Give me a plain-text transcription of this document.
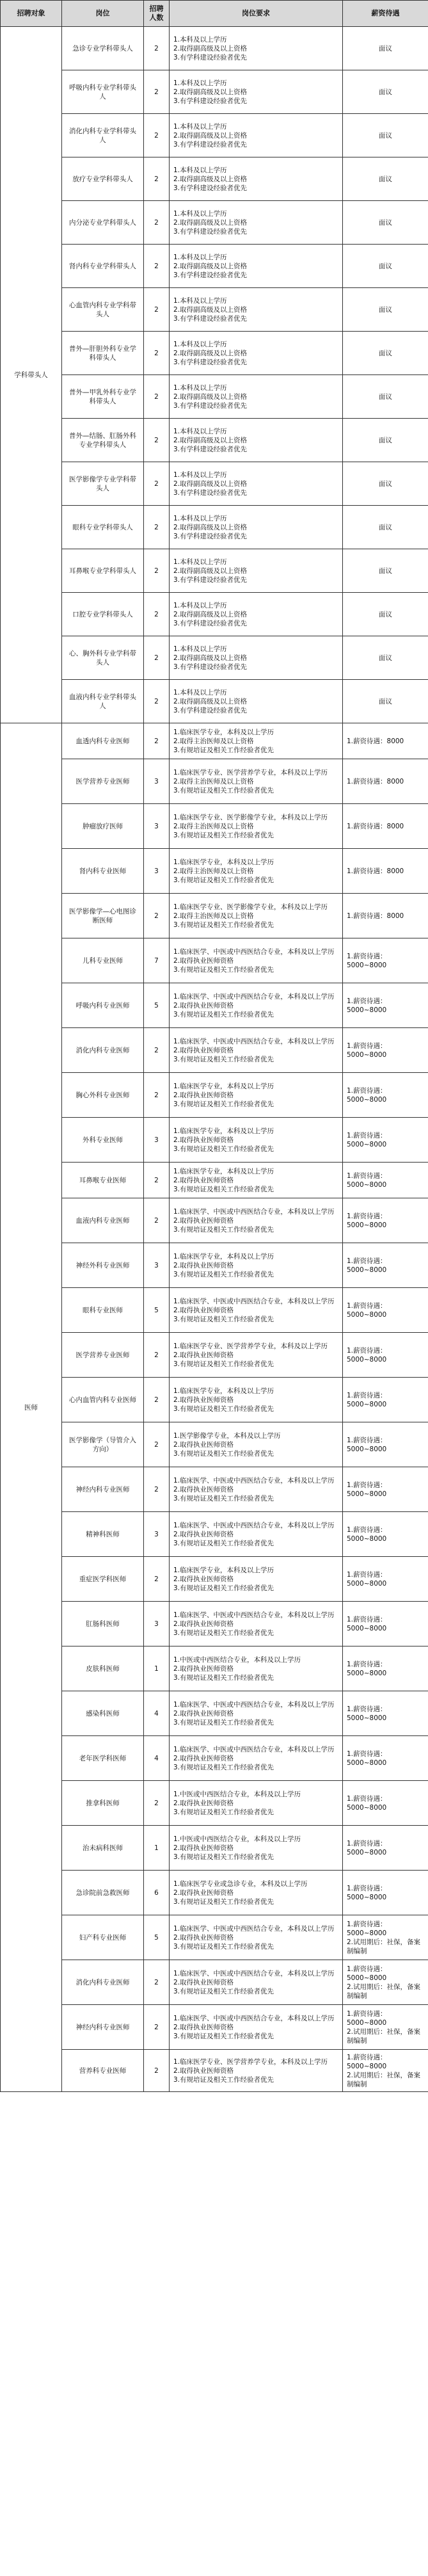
招聘对象	岗位	招聘人数	岗位要求	薪资待遇
学科带头人	急诊专业学科带头人	2	1.本科及以上学历
2.取得副高级及以上资格
3.有学科建设经验者优先	面议

	呼吸内科专业学科带头人	2	1.本科及以上学历
2.取得副高级及以上资格
3.有学科建设经验者优先	面议

	消化内科专业学科带头人	2	1.本科及以上学历
2.取得副高级及以上资格
3.有学科建设经验者优先	面议

	放疗专业学科带头人	2	1.本科及以上学历
2.取得副高级及以上资格
3.有学科建设经验者优先	面议

	内分泌专业学科带头人	2	1.本科及以上学历
2.取得副高级及以上资格
3.有学科建设经验者优先	面议

	肾内科专业学科带头人	2	1.本科及以上学历
2.取得副高级及以上资格
3.有学科建设经验者优先	面议

	心血管内科专业学科带头人	2	1.本科及以上学历
2.取得副高级及以上资格
3.有学科建设经验者优先	面议

	普外—肝胆外科专业学科带头人	2	1.本科及以上学历
2.取得副高级及以上资格
3.有学科建设经验者优先	面议

	普外—甲乳外科专业学科带头人	2	1.本科及以上学历
2.取得副高级及以上资格
3.有学科建设经验者优先	面议

	普外—结肠、肛肠外科专业学科带头人	2	1.本科及以上学历
2.取得副高级及以上资格
3.有学科建设经验者优先	面议

	医学影像学专业学科带头人	2	1.本科及以上学历
2.取得副高级及以上资格
3.有学科建设经验者优先	面议

	眼科专业学科带头人	2	1.本科及以上学历
2.取得副高级及以上资格
3.有学科建设经验者优先	面议

	耳鼻喉专业学科带头人	2	1.本科及以上学历
2.取得副高级及以上资格
3.有学科建设经验者优先	面议

	口腔专业学科带头人	2	1.本科及以上学历
2.取得副高级及以上资格
3.有学科建设经验者优先	面议

	心、胸外科专业学科带头人	2	1.本科及以上学历
2.取得副高级及以上资格
3.有学科建设经验者优先	面议

	血液内科专业学科带头人	2	1.本科及以上学历
2.取得副高级及以上资格
3.有学科建设经验者优先	面议

医师	血透内科专业医师	2	1.临床医学专业，本科及以上学历
2.取得主治医师及以上资格
3.有规培证及相关工作经验者优先	1.薪资待遇：8000

	医学营养专业医师	3	1.临床医学专业、医学营养学专业，本科及以上学历
2.取得主治医师及以上资格
3.有规培证及相关工作经验者优先	1.薪资待遇：8000

	肿瘤放疗医师	3	1.临床医学专业、医学影像学专业，本科及以上学历
2.取得主治医师及以上资格
3.有规培证及相关工作经验者优先	1.薪资待遇：8000

	肾内科专业医师	3	1.临床医学专业，本科及以上学历
2.取得主治医师及以上资格
3.有规培证及相关工作经验者优先	1.薪资待遇：8000

	医学影像学—心电图诊断医师	2	1.临床医学专业、医学影像学专业，本科及以上学历
2.取得主治医师及以上资格
3.有规培证及相关工作经验者优先	1.薪资待遇：8000

	儿科专业医师	7	1.临床医学、中医或中西医结合专业，本科及以上学历
2.取得执业医师资格
3.有规培证及相关工作经验者优先	1.薪资待遇：
5000~8000

	呼吸内科专业医师	5	1.临床医学、中医或中西医结合专业，本科及以上学历
2.取得执业医师资格
3.有规培证及相关工作经验者优先	1.薪资待遇：
5000~8000

	消化内科专业医师	2	1.临床医学、中医或中西医结合专业，本科及以上学历
2.取得执业医师资格
3.有规培证及相关工作经验者优先	1.薪资待遇：
5000~8000

	胸心外科专业医师	2	1.临床医学专业，本科及以上学历
2.取得执业医师资格
3.有规培证及相关工作经验者优先	1.薪资待遇：
5000~8000

	外科专业医师	3	1.临床医学专业，本科及以上学历
2.取得执业医师资格
3.有规培证及相关工作经验者优先	1.薪资待遇：
5000~8000

	耳鼻喉专业医师	2	1.临床医学专业，本科及以上学历
2.取得执业医师资格
3.有规培证及相关工作经验者优先	1.薪资待遇：
5000~8000

	血液内科专业医师	2	1.临床医学、中医或中西医结合专业，本科及以上学历
2.取得执业医师资格
3.有规培证及相关工作经验者优先	1.薪资待遇：
5000~8000

	神经外科专业医师	3	1.临床医学专业，本科及以上学历
2.取得执业医师资格
3.有规培证及相关工作经验者优先	1.薪资待遇：
5000~8000

	眼科专业医师	5	1.临床医学、中医或中西医结合专业，本科及以上学历
2.取得执业医师资格
3.有规培证及相关工作经验者优先	1.薪资待遇：
5000~8000

	医学营养专业医师	2	1.临床医学专业、医学营养学专业，本科及以上学历
2.取得执业医师资格
3.有规培证及相关工作经验者优先	1.薪资待遇：
5000~8000

	心内血管内科专业医师	2	1.临床医学专业，本科及以上学历
2.取得执业医师资格
3.有规培证及相关工作经验者优先	1.薪资待遇：
5000~8000

	医学影像学（导管介入方向）	2	1.医学影像学专业，本科及以上学历
2.取得执业医师资格
3.有规培证及相关工作经验者优先	1.薪资待遇：
5000~8000

	神经内科专业医师	2	1.临床医学、中医或中西医结合专业，本科及以上学历
2.取得执业医师资格
3.有规培证及相关工作经验者优先	1.薪资待遇：
5000~8000

	精神科医师	3	1.临床医学、中医或中西医结合专业，本科及以上学历
2.取得执业医师资格
3.有规培证及相关工作经验者优先	1.薪资待遇：
5000~8000

	重症医学科医师	2	1.临床医学专业，本科及以上学历
2.取得执业医师资格
3.有规培证及相关工作经验者优先	1.薪资待遇：
5000~8000

	肛肠科医师	3	1.临床医学、中医或中西医结合专业，本科及以上学历
2.取得执业医师资格
3.有规培证及相关工作经验者优先	1.薪资待遇：
5000~8000

	皮肤科医师	1	1.中医或中西医结合专业，本科及以上学历
2.取得执业医师资格
3.有规培证及相关工作经验者优先	1.薪资待遇：
5000~8000

	感染科医师	4	1.临床医学、中医或中西医结合专业，本科及以上学历
2.取得执业医师资格
3.有规培证及相关工作经验者优先	1.薪资待遇：
5000~8000

	老年医学科医师	4	1.临床医学、中医或中西医结合专业，本科及以上学历
2.取得执业医师资格
3.有规培证及相关工作经验者优先	1.薪资待遇：
5000~8000

	推拿科医师	2	1.中医或中西医结合专业，本科及以上学历
2.取得执业医师资格
3.有规培证及相关工作经验者优先	1.薪资待遇：
5000~8000

	治未病科医师	1	1.中医或中西医结合专业，本科及以上学历
2.取得执业医师资格
3.有规培证及相关工作经验者优先	1.薪资待遇：
5000~8000

	急诊院前急救医师	6	1.临床医学专业或急诊专业，本科及以上学历
2.取得执业医师资格
3.有规培证及相关工作经验者优先	1.薪资待遇：
5000~8000

	妇产科专业医师	5	1.临床医学、中医或中西医结合专业，本科及以上学历
2.取得执业医师资格
3.有规培证及相关工作经验者优先	1.薪资待遇：
5000~8000
2.试用期后：社保，备案制编制

	消化内科专业医师	2	1.临床医学、中医或中西医结合专业，本科及以上学历
2.取得执业医师资格
3.有规培证及相关工作经验者优先	1.薪资待遇：
5000~8000
2.试用期后：社保，备案制编制

	神经内科专业医师	2	1.临床医学、中医或中西医结合专业，本科及以上学历
2.取得执业医师资格
3.有规培证及相关工作经验者优先	1.薪资待遇：
5000~8000
2.试用期后：社保，备案制编制

	营养科专业医师	2	1.临床医学专业、医学营养学专业，本科及以上学历
2.取得执业医师资格
3.有规培证及相关工作经验者优先	1.薪资待遇：
5000~8000
2.试用期后：社保，备案制编制
